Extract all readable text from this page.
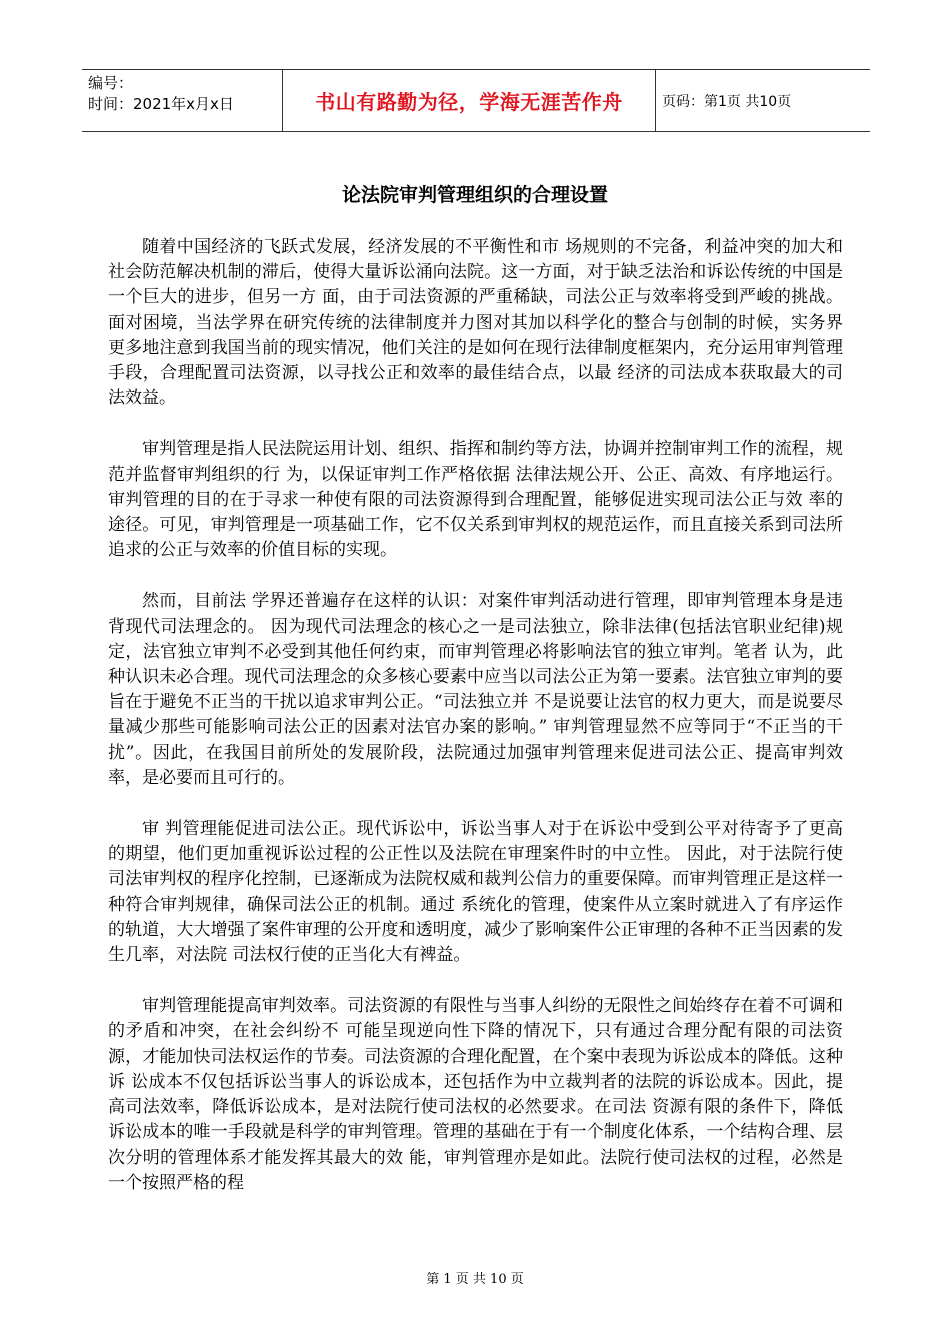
编号：
时间：2021年x月x日	书山有路勤为径，学海无涯苦作舟	页码：第1页 共10页
论法院审判管理组织的合理设置

随着中国经济的飞跃式发展，经济发展的不平衡性和市 场规则的不完备，利益冲突的加大和社会防范解决机制的滞后，使得大量诉讼涌向法院。这一方面，对于缺乏法治和诉讼传统的中国是一个巨大的进步，但另一方 面，由于司法资源的严重稀缺，司法公正与效率将受到严峻的挑战。面对困境，当法学界在研究传统的法律制度并力图对其加以科学化的整合与创制的时候，实务界 更多地注意到我国当前的现实情况，他们关注的是如何在现行法律制度框架内，充分运用审判管理手段，合理配置司法资源，以寻找公正和效率的最佳结合点，以最 经济的司法成本获取最大的司法效益。

审判管理是指人民法院运用计划、组织、指挥和制约等方法，协调并控制审判工作的流程，规范并监督审判组织的行 为，以保证审判工作严格依据 法律法规公开、公正、高效、有序地运行。审判管理的目的在于寻求一种使有限的司法资源得到合理配置，能够促进实现司法公正与效 率的途径。可见，审判管理是一项基础工作，它不仅关系到审判权的规范运作，而且直接关系到司法所追求的公正与效率的价值目标的实现。

然而，目前法 学界还普遍存在这样的认识：对案件审判活动进行管理，即审判管理本身是违背现代司法理念的。 因为现代司法理念的核心之一是司法独立，除非法律(包括法官职业纪律)规定，法官独立审判不必受到其他任何约束，而审判管理必将影响法官的独立审判。笔者 认为，此种认识未必合理。现代司法理念的众多核心要素中应当以司法公正为第一要素。法官独立审判的要旨在于避免不正当的干扰以追求审判公正。“司法独立并 不是说要让法官的权力更大，而是说要尽量减少那些可能影响司法公正的因素对法官办案的影响。” 审判管理显然不应等同于“不正当的干扰”。因此，在我国目前所处的发展阶段，法院通过加强审判管理来促进司法公正、提高审判效率，是必要而且可行的。

审 判管理能促进司法公正。现代诉讼中，诉讼当事人对于在诉讼中受到公平对待寄予了更高的期望，他们更加重视诉讼过程的公正性以及法院在审理案件时的中立性。 因此，对于法院行使司法审判权的程序化控制，已逐渐成为法院权威和裁判公信力的重要保障。而审判管理正是这样一种符合审判规律，确保司法公正的机制。通过 系统化的管理，使案件从立案时就进入了有序运作的轨道，大大增强了案件审理的公开度和透明度，减少了影响案件公正审理的各种不正当因素的发生几率，对法院 司法权行使的正当化大有裨益。

审判管理能提高审判效率。司法资源的有限性与当事人纠纷的无限性之间始终存在着不可调和的矛盾和冲突，在社会纠纷不 可能呈现逆向性下降的情况下，只有通过合理分配有限的司法资源，才能加快司法权运作的节奏。司法资源的合理化配置，在个案中表现为诉讼成本的降低。这种诉 讼成本不仅包括诉讼当事人的诉讼成本，还包括作为中立裁判者的法院的诉讼成本。因此，提高司法效率，降低诉讼成本，是对法院行使司法权的必然要求。在司法 资源有限的条件下，降低诉讼成本的唯一手段就是科学的审判管理。管理的基础在于有一个制度化体系，一个结构合理、层次分明的管理体系才能发挥其最大的效 能，审判管理亦是如此。法院行使司法权的过程，必然是一个按照严格的程

第 1 页 共 10 页
